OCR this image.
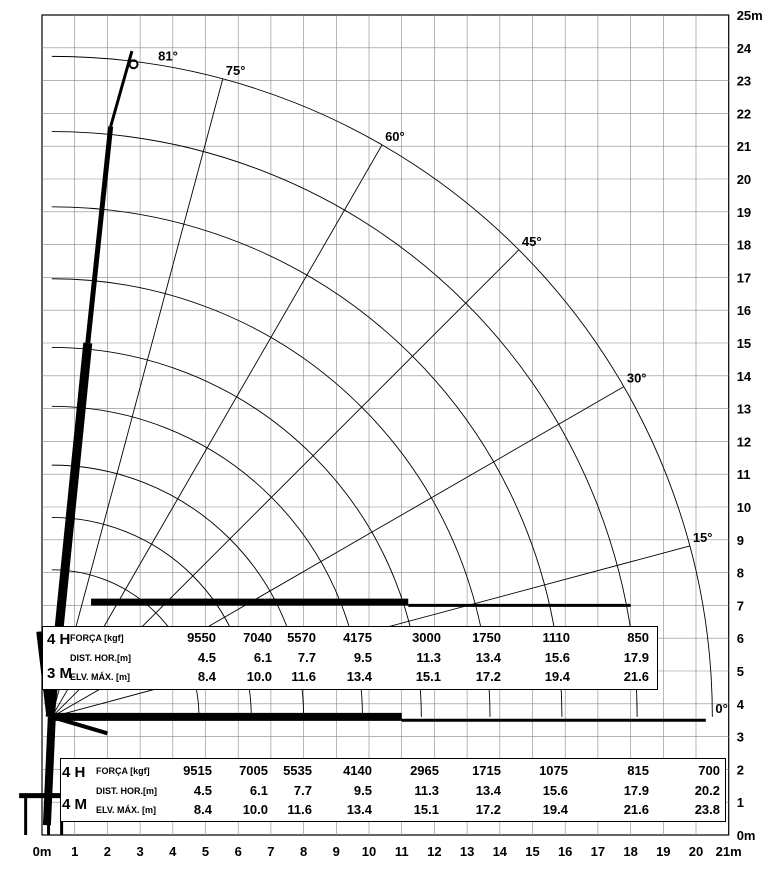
0m 1 2 3 4 5 6 7 8 9 10 11 12 13 14 15 16 17 18 19 20 21m
0m
1
2
3
4
5
6
7
8
9
10
11
12
13
14
15
16
17
18
19
20
21
22
23
24
25m
81°
75°
60°
45°
30°
15°
0°
4 H
3 M
4 H
4 M
FORÇA [kgf]	9550	7040	5570	4175	3000	1750	1110	850
DIST. HOR.[m]	4.5	6.1	7.7	9.5	11.3	13.4	15.6	17.9
ELV. MÁX. [m]	8.4	10.0	11.6	13.4	15.1	17.2	19.4	21.6
FORÇA [kgf]	9515	7005	5535	4140	2965	1715	1075	815	700
DIST. HOR.[m]	4.5	6.1	7.7	9.5	11.3	13.4	15.6	17.9	20.2
ELV. MÁX. [m]	8.4	10.0	11.6	13.4	15.1	17.2	19.4	21.6	23.8
